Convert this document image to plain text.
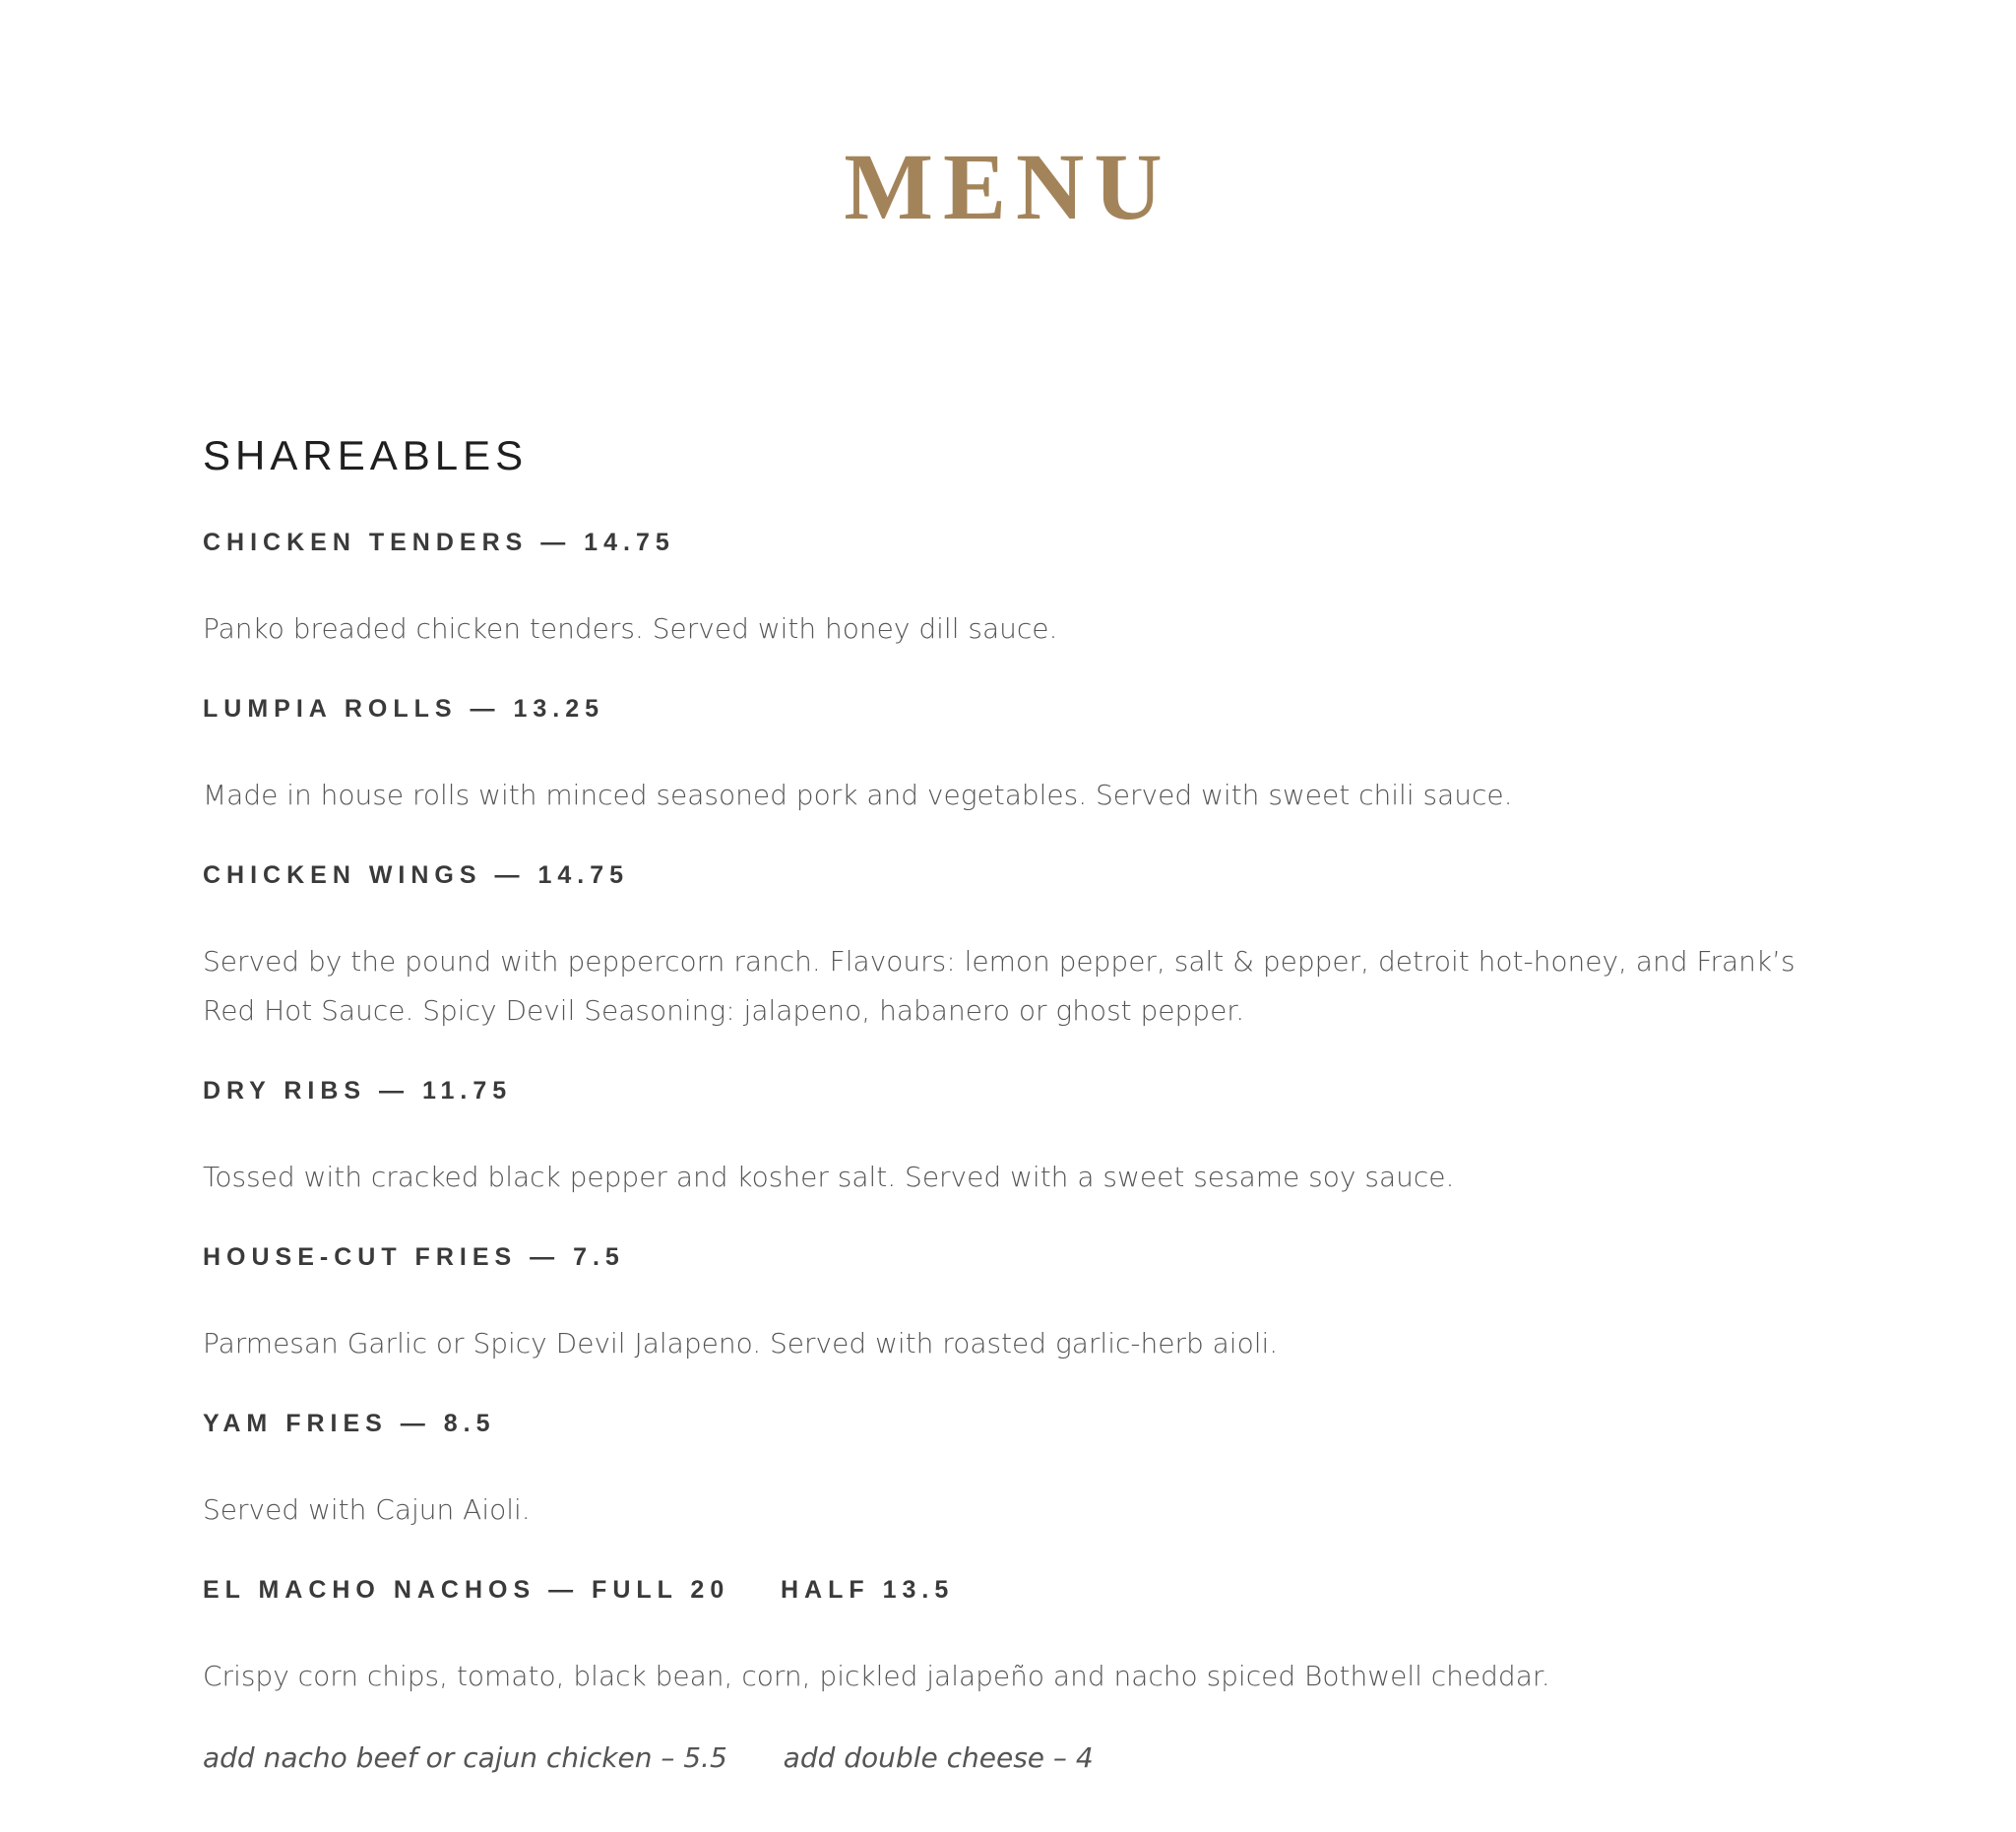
MENU
SHAREABLES
CHICKEN TENDERS — 14.75
Panko breaded chicken tenders. Served with honey dill sauce.
LUMPIA ROLLS — 13.25
Made in house rolls with minced seasoned pork and vegetables. Served with sweet chili sauce.
CHICKEN WINGS — 14.75
Served by the pound with peppercorn ranch. Flavours: lemon pepper, salt & pepper, detroit hot-honey, and Frank’s Red Hot Sauce. Spicy Devil Seasoning: jalapeno, habanero or ghost pepper.
DRY RIBS — 11.75
Tossed with cracked black pepper and kosher salt. Served with a sweet sesame soy sauce.
HOUSE-CUT FRIES — 7.5
Parmesan Garlic or Spicy Devil Jalapeno. Served with roasted garlic-herb aioli.
YAM FRIES — 8.5
Served with Cajun Aioli.
EL MACHO NACHOS — FULL 20    HALF 13.5
Crispy corn chips, tomato, black bean, corn, pickled jalapeño and nacho spiced Bothwell cheddar.
add nacho beef or cajun chicken – 5.5 add double cheese – 4
